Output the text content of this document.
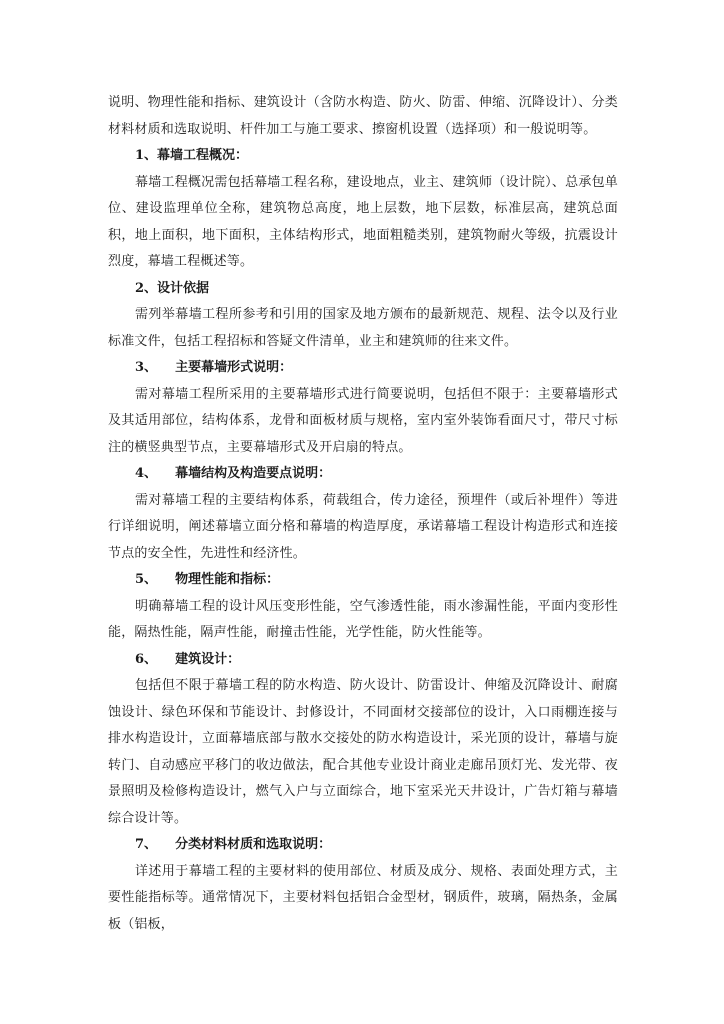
说明、物理性能和指标、建筑设计（含防水构造、防火、防雷、伸缩、沉降设计）、分类材料材质和选取说明、杆件加工与施工要求、擦窗机设置（选择项）和一般说明等。

1、幕墙工程概况：

幕墙工程概况需包括幕墙工程名称，建设地点，业主、建筑师（设计院）、总承包单位、建设监理单位全称，建筑物总高度，地上层数，地下层数，标准层高，建筑总面积，地上面积，地下面积，主体结构形式，地面粗糙类别，建筑物耐火等级，抗震设计烈度，幕墙工程概述等。

2、设计依据

需列举幕墙工程所参考和引用的国家及地方颁布的最新规范、规程、法令以及行业标准文件，包括工程招标和答疑文件清单，业主和建筑师的往来文件。

3、    主要幕墙形式说明：

需对幕墙工程所采用的主要幕墙形式进行简要说明，包括但不限于：主要幕墙形式及其适用部位，结构体系，龙骨和面板材质与规格，室内室外装饰看面尺寸，带尺寸标注的横竖典型节点，主要幕墙形式及开启扇的特点。

4、    幕墙结构及构造要点说明：

需对幕墙工程的主要结构体系，荷载组合，传力途径，预埋件（或后补埋件）等进行详细说明，阐述幕墙立面分格和幕墙的构造厚度，承诺幕墙工程设计构造形式和连接节点的安全性，先进性和经济性。

5、    物理性能和指标：

明确幕墙工程的设计风压变形性能，空气渗透性能，雨水渗漏性能，平面内变形性能，隔热性能，隔声性能，耐撞击性能，光学性能，防火性能等。

6、    建筑设计：

包括但不限于幕墙工程的防水构造、防火设计、防雷设计、伸缩及沉降设计、耐腐蚀设计、绿色环保和节能设计、封修设计，不同面材交接部位的设计，入口雨棚连接与排水构造设计，立面幕墙底部与散水交接处的防水构造设计，采光顶的设计，幕墙与旋转门、自动感应平移门的收边做法，配合其他专业设计商业走廊吊顶灯光、发光带、夜景照明及检修构造设计，燃气入户与立面综合，地下室采光天井设计，广告灯箱与幕墙综合设计等。

7、    分类材料材质和选取说明：

详述用于幕墙工程的主要材料的使用部位、材质及成分、规格、表面处理方式，主要性能指标等。通常情况下，主要材料包括铝合金型材，钢质件，玻璃，隔热条，金属板（铝板，
